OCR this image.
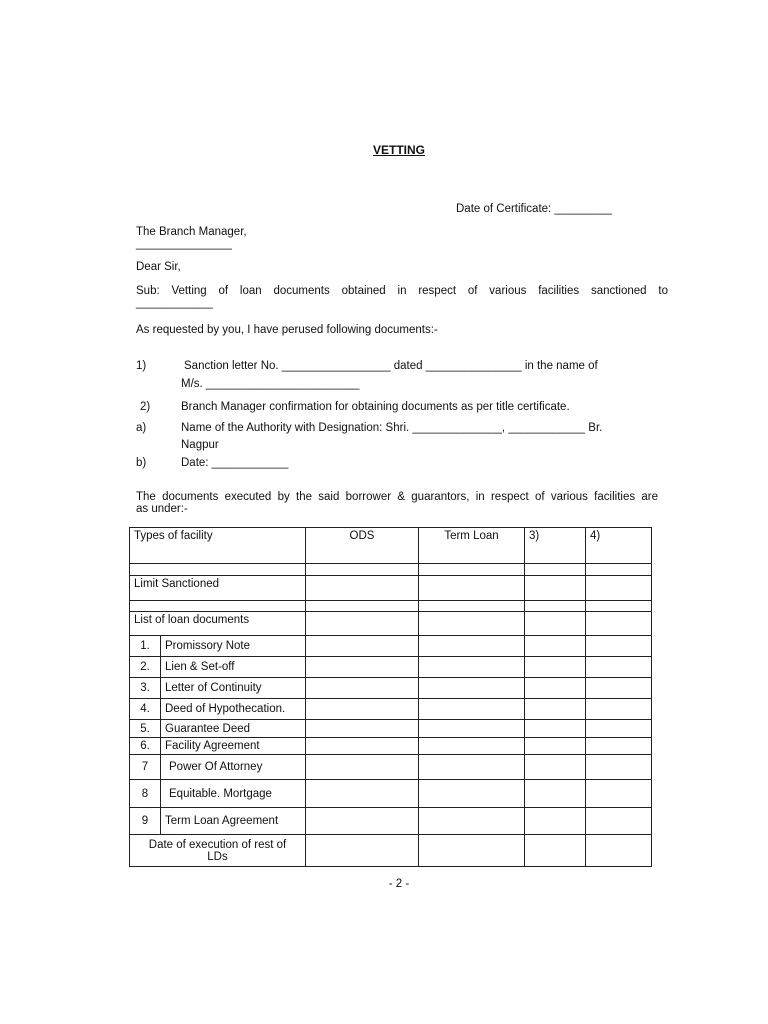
VETTING
Date of Certificate: _________
The Branch Manager,
_______________
Dear Sir,
Sub: Vetting of loan documents obtained in respect of various facilities sanctioned to
____________
As requested by you, I have perused following documents:-
1)	Sanction letter No. _________________ dated _______________ in the name of
M/s. ________________________
2)	Branch Manager confirmation for obtaining documents as per title certificate.
a)	Name of the Authority with Designation: Shri. ______________, ____________ Br.
Nagpur
b)	Date: ____________
The documents executed by the said borrower & guarantors, in respect of various facilities are
as under:-
Types of facility		ODS	Term Loan	3)	4)

Limit Sanctioned					

List of loan documents					
1.	Promissory Note				
2.	Lien & Set-off				
3.	Letter of Continuity				
4.	Deed of Hypothecation.				
5.	Guarantee Deed				
6.	Facility Agreement				
7	Power Of Attorney				
8	Equitable. Mortgage				
9	Term Loan Agreement				
Date of execution of rest of LDs					
- 2 -
